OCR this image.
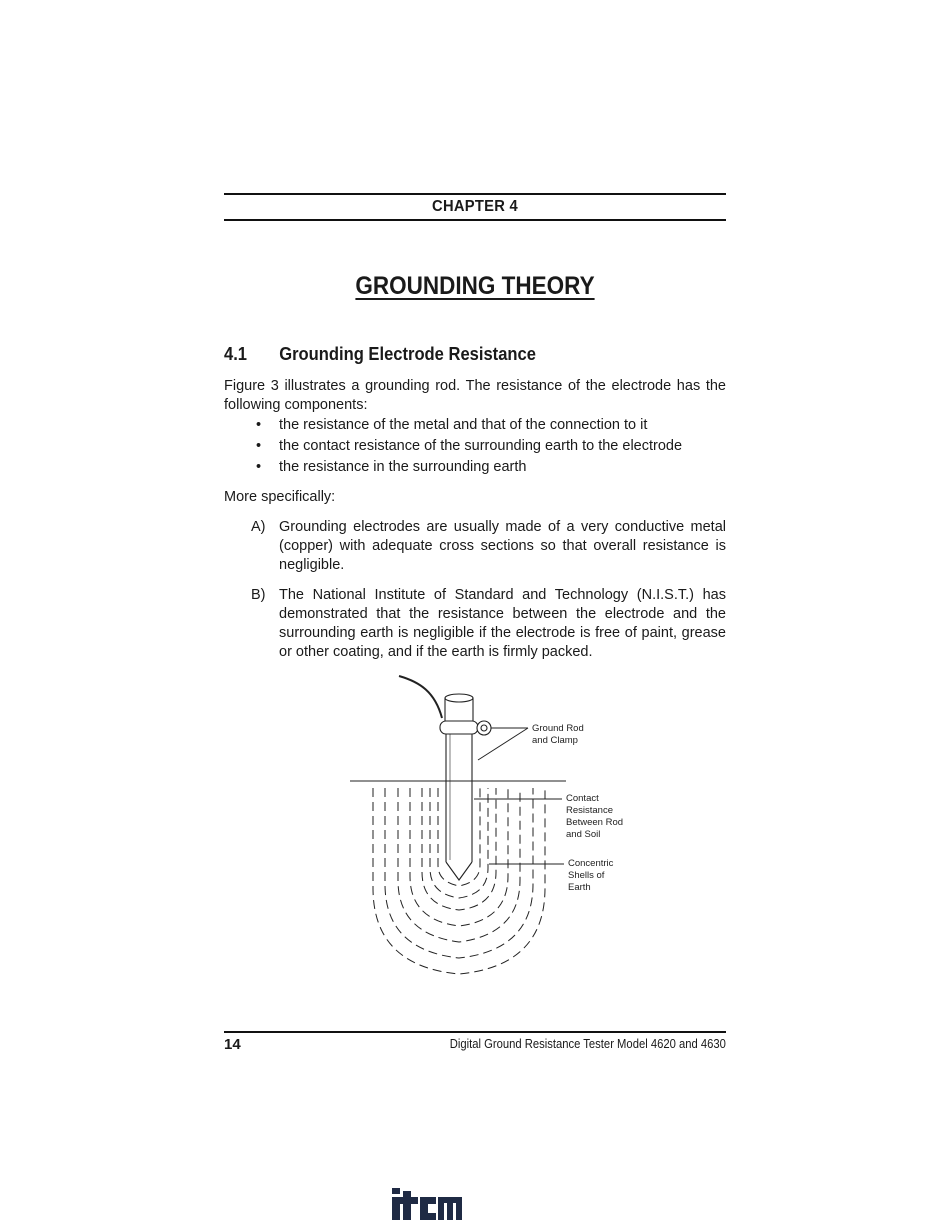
CHAPTER 4
GROUNDING THEORY
4.1 Grounding Electrode Resistance
Figure 3 illustrates a grounding rod. The resistance of the electrode has the following components:
• the resistance of the metal and that of the connection to it
• the contact resistance of the surrounding earth to the electrode
• the resistance in the surrounding earth
More specifically:
A) Grounding electrodes are usually made of a very conductive metal (copper) with adequate cross sections so that overall resistance is negligible.
B) The National Institute of Standard and Technology (N.I.S.T.) has demonstrated that the resistance between the electrode and the surrounding earth is negligible if the electrode is free of paint, grease or other coating, and if the earth is firmly packed.
Ground Rod and Clamp
Contact Resistance Between Rod and Soil
Concentric Shells of Earth
14	Digital Ground Resistance Tester Model 4620 and 4630
